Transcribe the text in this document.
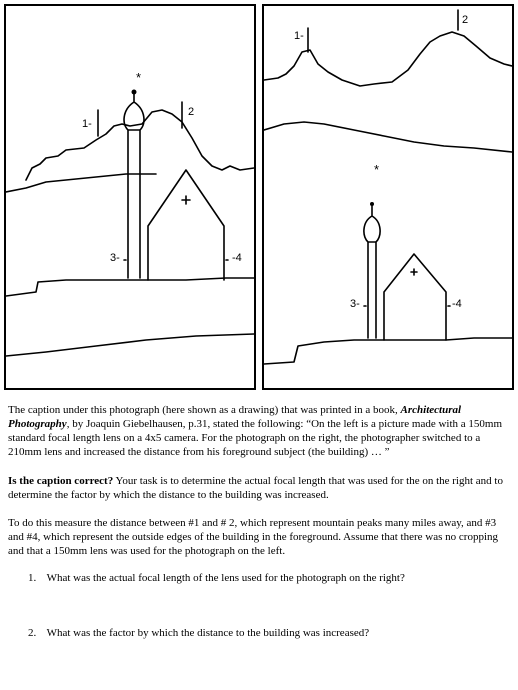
*
1-
2
3-	-4
*
1-
2
3-	-4
The caption under this photograph (here shown as a drawing) that was printed in a book, Architectural Photography, by Joaquin Giebelhausen, p.31, stated the following: “On the left is a picture made with a 150mm standard focal length lens on a 4x5 camera. For the photograph on the right, the photographer switched to a 210mm lens and increased the distance from his foreground subject (the building) … ”
Is the caption correct? Your task is to determine the actual focal length that was used for the on the right and to determine the factor by which the distance to the building was increased.
To do this measure the distance between #1 and # 2, which represent mountain peaks many miles away, and #3 and #4, which represent the outside edges of the building in the foreground. Assume that there was no cropping and that a 150mm lens was used for the photograph on the left.
1. What was the actual focal length of the lens used for the photograph on the right?
2. What was the factor by which the distance to the building was increased?
